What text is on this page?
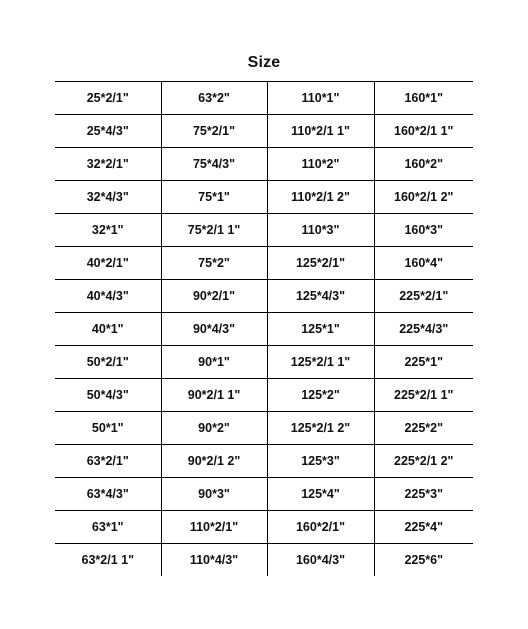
Size
25*2/1"	63*2"	110*1"	160*1"
25*4/3"	75*2/1"	110*2/1 1"	160*2/1 1"
32*2/1"	75*4/3"	110*2"	160*2"
32*4/3"	75*1"	110*2/1 2"	160*2/1 2"
32*1"	75*2/1 1"	110*3"	160*3"
40*2/1"	75*2"	125*2/1"	160*4"
40*4/3"	90*2/1"	125*4/3"	225*2/1"
40*1"	90*4/3"	125*1"	225*4/3"
50*2/1"	90*1"	125*2/1 1"	225*1"
50*4/3"	90*2/1 1"	125*2"	225*2/1 1"
50*1"	90*2"	125*2/1 2"	225*2"
63*2/1"	90*2/1 2"	125*3"	225*2/1 2"
63*4/3"	90*3"	125*4"	225*3"
63*1"	110*2/1"	160*2/1"	225*4"
63*2/1 1"	110*4/3"	160*4/3"	225*6"
